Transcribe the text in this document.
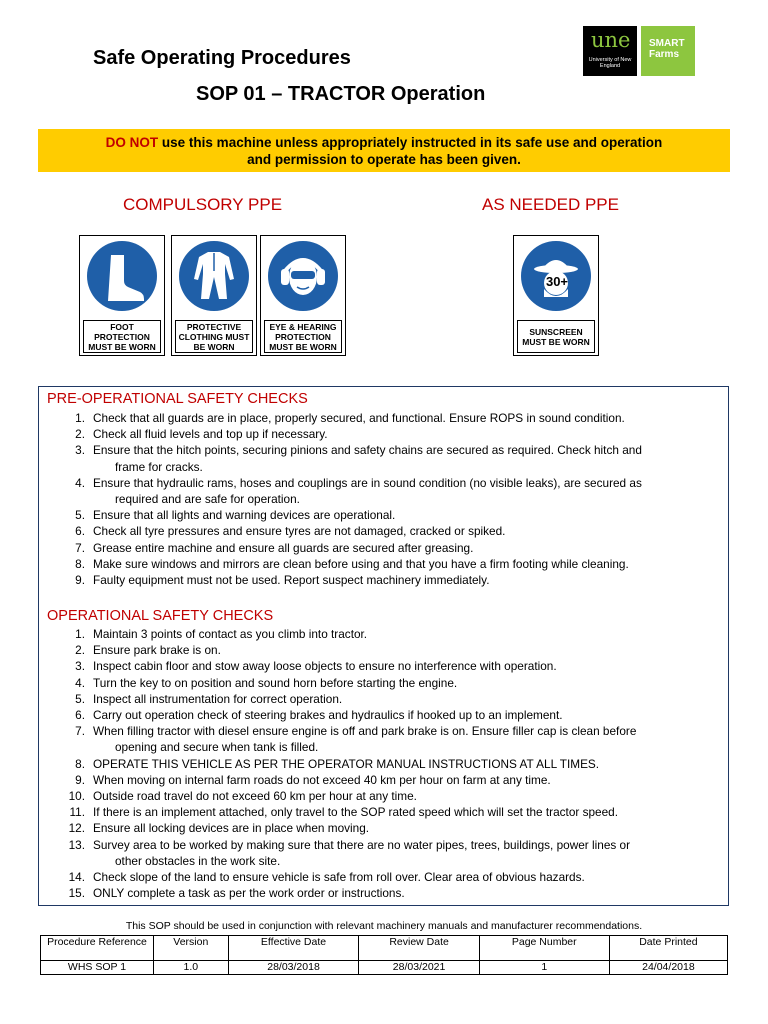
Safe Operating Procedures
SOP 01 – TRACTOR Operation
une
University of New England
SMART
Farms
DO NOT use this machine unless appropriately instructed in its safe use and operation
and permission to operate has been given.
COMPULSORY PPE	AS NEEDED PPE
FOOT PROTECTION MUST BE WORN
PROTECTIVE CLOTHING MUST BE WORN
EYE & HEARING PROTECTION MUST BE WORN
30+
SUNSCREEN MUST BE WORN
PRE-OPERATIONAL SAFETY CHECKS
1. Check that all guards are in place, properly secured, and functional. Ensure ROPS in sound condition.
2. Check all fluid levels and top up if necessary.
3. Ensure that the hitch points, securing pinions and safety chains are secured as required. Check hitch and
frame for cracks.
4. Ensure that hydraulic rams, hoses and couplings are in sound condition (no visible leaks), are secured as
required and are safe for operation.
5. Ensure that all lights and warning devices are operational.
6. Check all tyre pressures and ensure tyres are not damaged, cracked or spiked.
7. Grease entire machine and ensure all guards are secured after greasing.
8. Make sure windows and mirrors are clean before using and that you have a firm footing while cleaning.
9. Faulty equipment must not be used. Report suspect machinery immediately.
OPERATIONAL SAFETY CHECKS
1. Maintain 3 points of contact as you climb into tractor.
2. Ensure park brake is on.
3. Inspect cabin floor and stow away loose objects to ensure no interference with operation.
4. Turn the key to on position and sound horn before starting the engine.
5. Inspect all instrumentation for correct operation.
6. Carry out operation check of steering brakes and hydraulics if hooked up to an implement.
7. When filling tractor with diesel ensure engine is off and park brake is on. Ensure filler cap is clean before
opening and secure when tank is filled.
8. OPERATE THIS VEHICLE AS PER THE OPERATOR MANUAL INSTRUCTIONS AT ALL TIMES.
9. When moving on internal farm roads do not exceed 40 km per hour on farm at any time.
10. Outside road travel do not exceed 60 km per hour at any time.
11. If there is an implement attached, only travel to the SOP rated speed which will set the tractor speed.
12. Ensure all locking devices are in place when moving.
13. Survey area to be worked by making sure that there are no water pipes, trees, buildings, power lines or
other obstacles in the work site.
14. Check slope of the land to ensure vehicle is safe from roll over. Clear area of obvious hazards.
15. ONLY complete a task as per the work order or instructions.
This SOP should be used in conjunction with relevant machinery manuals and manufacturer recommendations.
Procedure Reference	Version	Effective Date	Review Date	Page Number	Date Printed
WHS SOP 1	1.0	28/03/2018	28/03/2021	1	24/04/2018
